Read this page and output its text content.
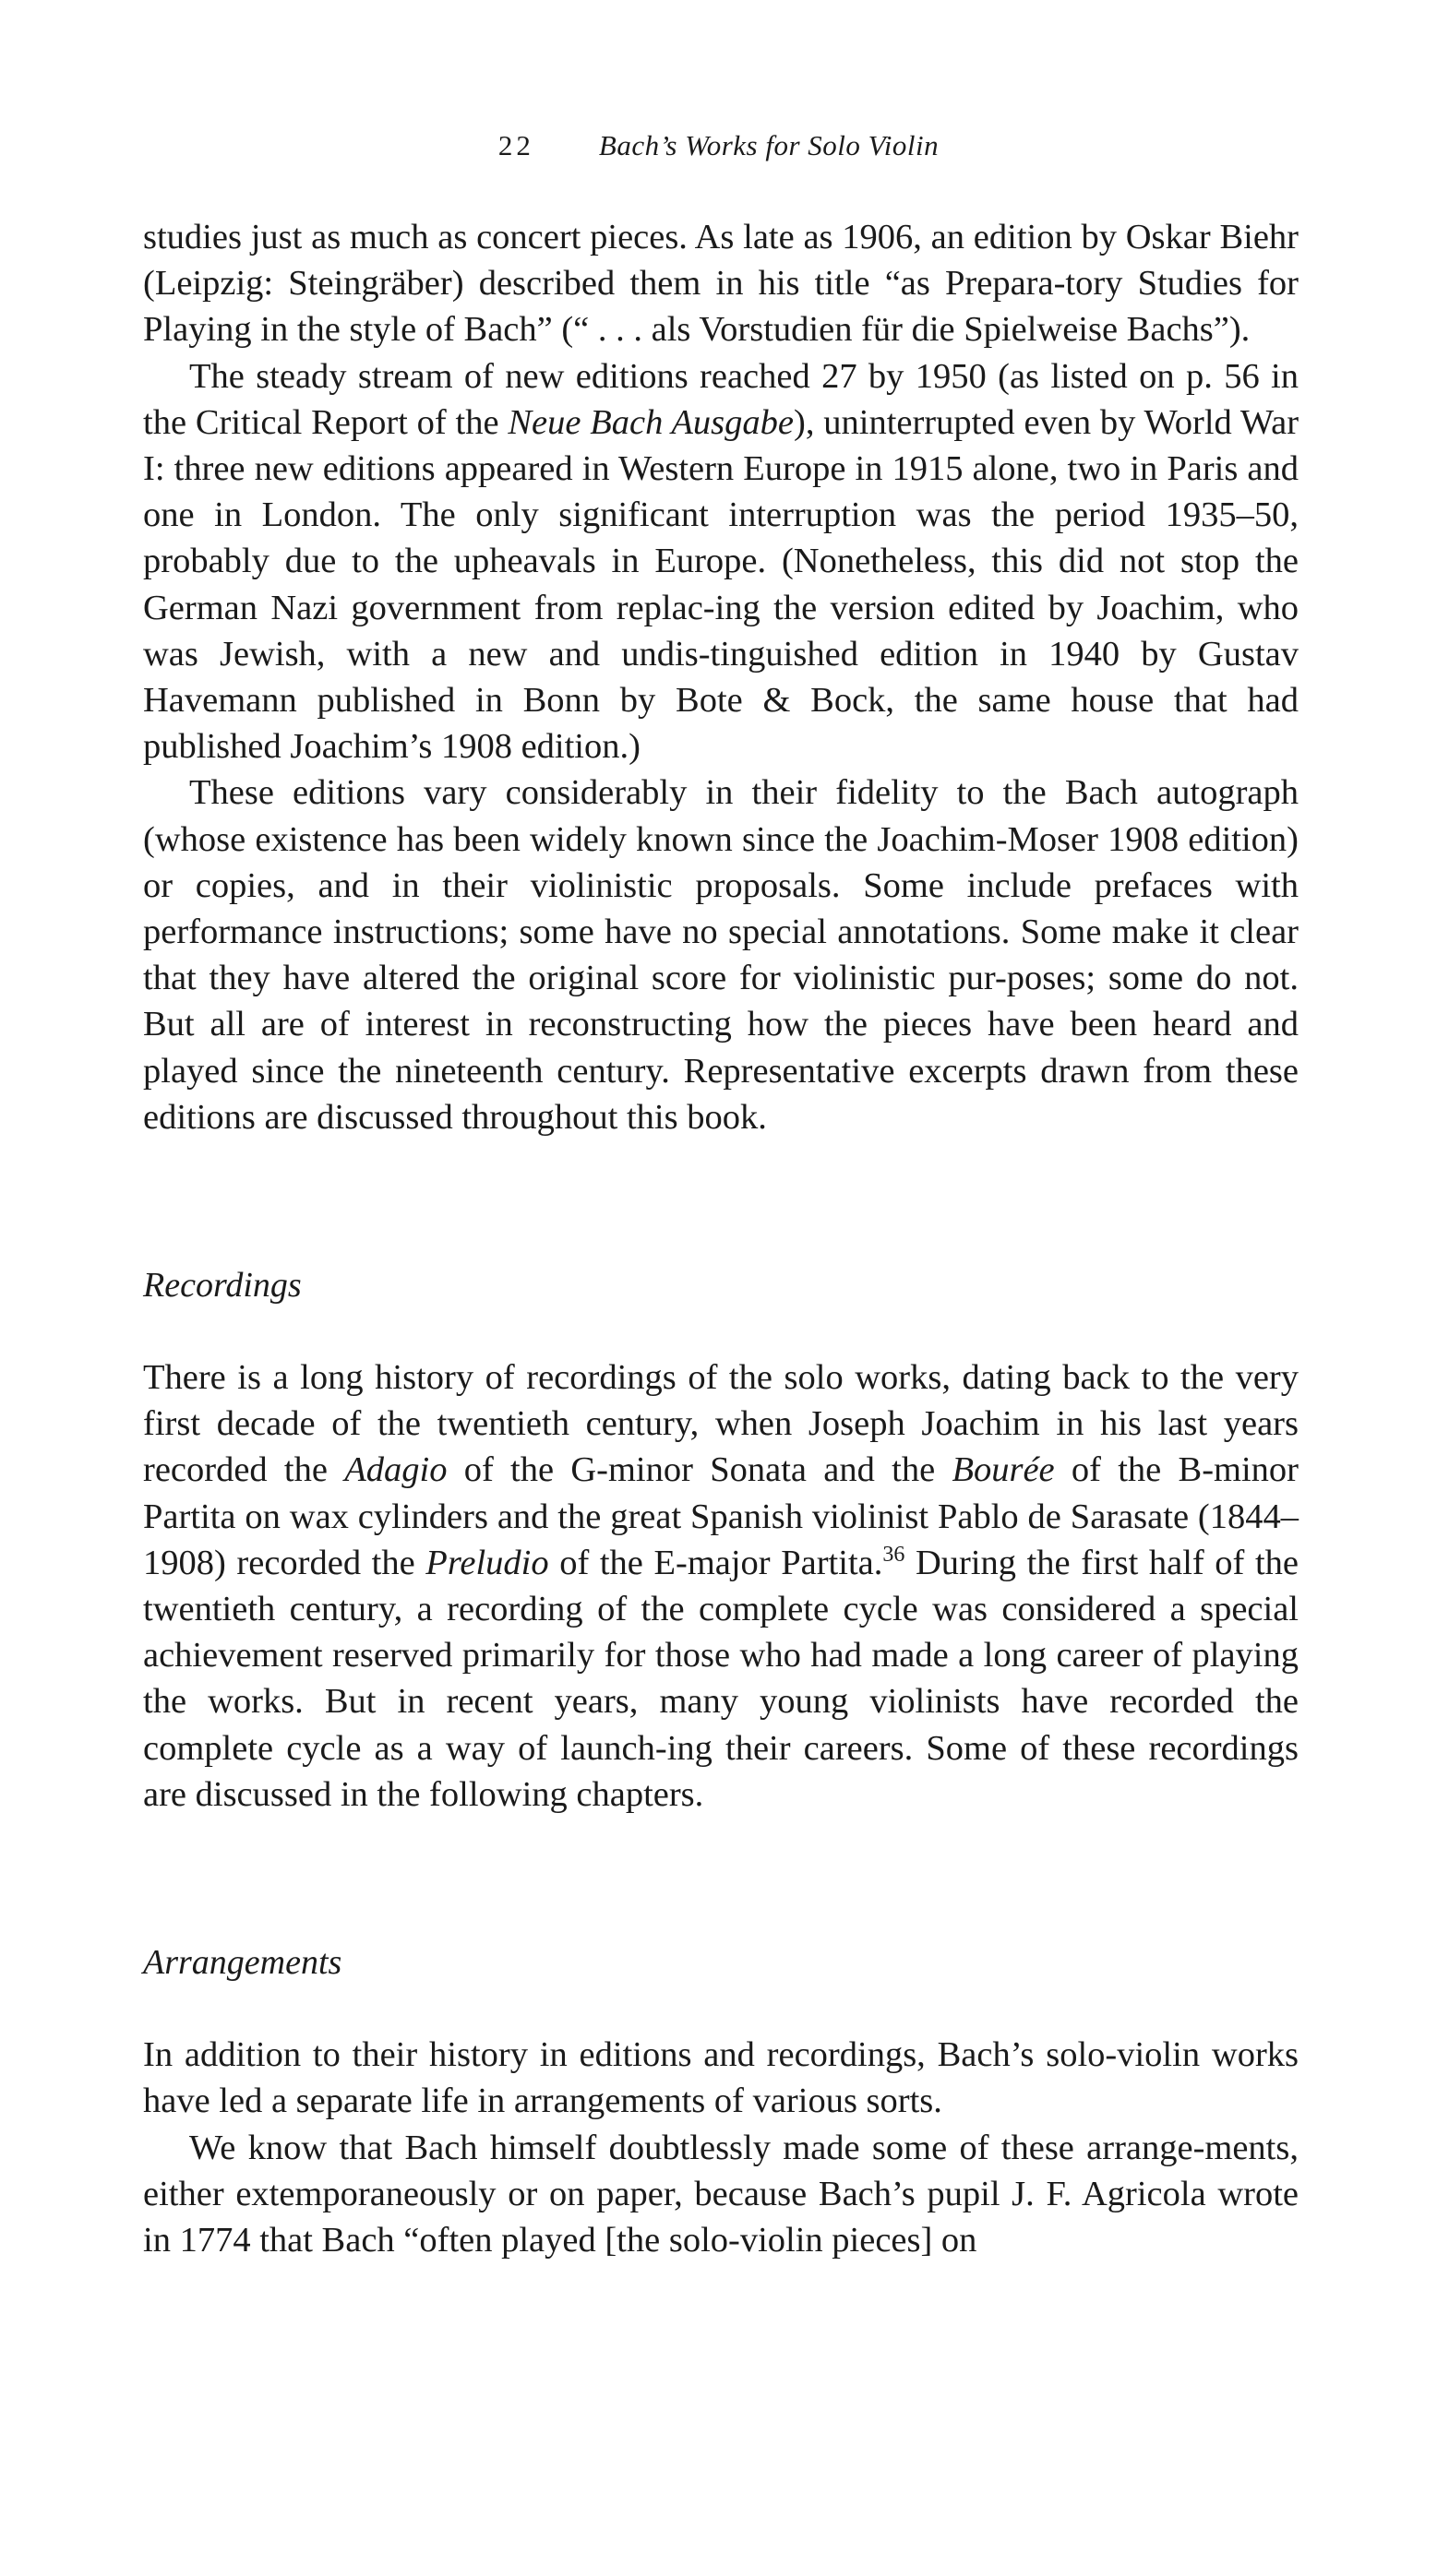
22 Bach’s Works for Solo Violin

studies just as much as concert pieces. As late as 1906, an edition by Oskar Biehr (Leipzig: Steingräber) described them in his title “as Prepara-tory Studies for Playing in the style of Bach” (“ . . . als Vorstudien für die Spielweise Bachs”).

The steady stream of new editions reached 27 by 1950 (as listed on p. 56 in the Critical Report of the Neue Bach Ausgabe), uninterrupted even by World War I: three new editions appeared in Western Europe in 1915 alone, two in Paris and one in London. The only significant interruption was the period 1935–50, probably due to the upheavals in Europe. (Nonetheless, this did not stop the German Nazi government from replac-ing the version edited by Joachim, who was Jewish, with a new and undis-tinguished edition in 1940 by Gustav Havemann published in Bonn by Bote & Bock, the same house that had published Joachim’s 1908 edition.)

These editions vary considerably in their fidelity to the Bach autograph (whose existence has been widely known since the Joachim-Moser 1908 edition) or copies, and in their violinistic proposals. Some include prefaces with performance instructions; some have no special annotations. Some make it clear that they have altered the original score for violinistic pur-poses; some do not. But all are of interest in reconstructing how the pieces have been heard and played since the nineteenth century. Representative excerpts drawn from these editions are discussed throughout this book.

Recordings

There is a long history of recordings of the solo works, dating back to the very first decade of the twentieth century, when Joseph Joachim in his last years recorded the Adagio of the G-minor Sonata and the Bourée of the B-minor Partita on wax cylinders and the great Spanish violinist Pablo de Sarasate (1844–1908) recorded the Preludio of the E-major Partita.$^{36}$ During the first half of the twentieth century, a recording of the complete cycle was considered a special achievement reserved primarily for those who had made a long career of playing the works. But in recent years, many young violinists have recorded the complete cycle as a way of launch-ing their careers. Some of these recordings are discussed in the following chapters.

Arrangements

In addition to their history in editions and recordings, Bach’s solo-violin works have led a separate life in arrangements of various sorts.

We know that Bach himself doubtlessly made some of these arrange-ments, either extemporaneously or on paper, because Bach’s pupil J. F. Agricola wrote in 1774 that Bach “often played [the solo-violin pieces] on
